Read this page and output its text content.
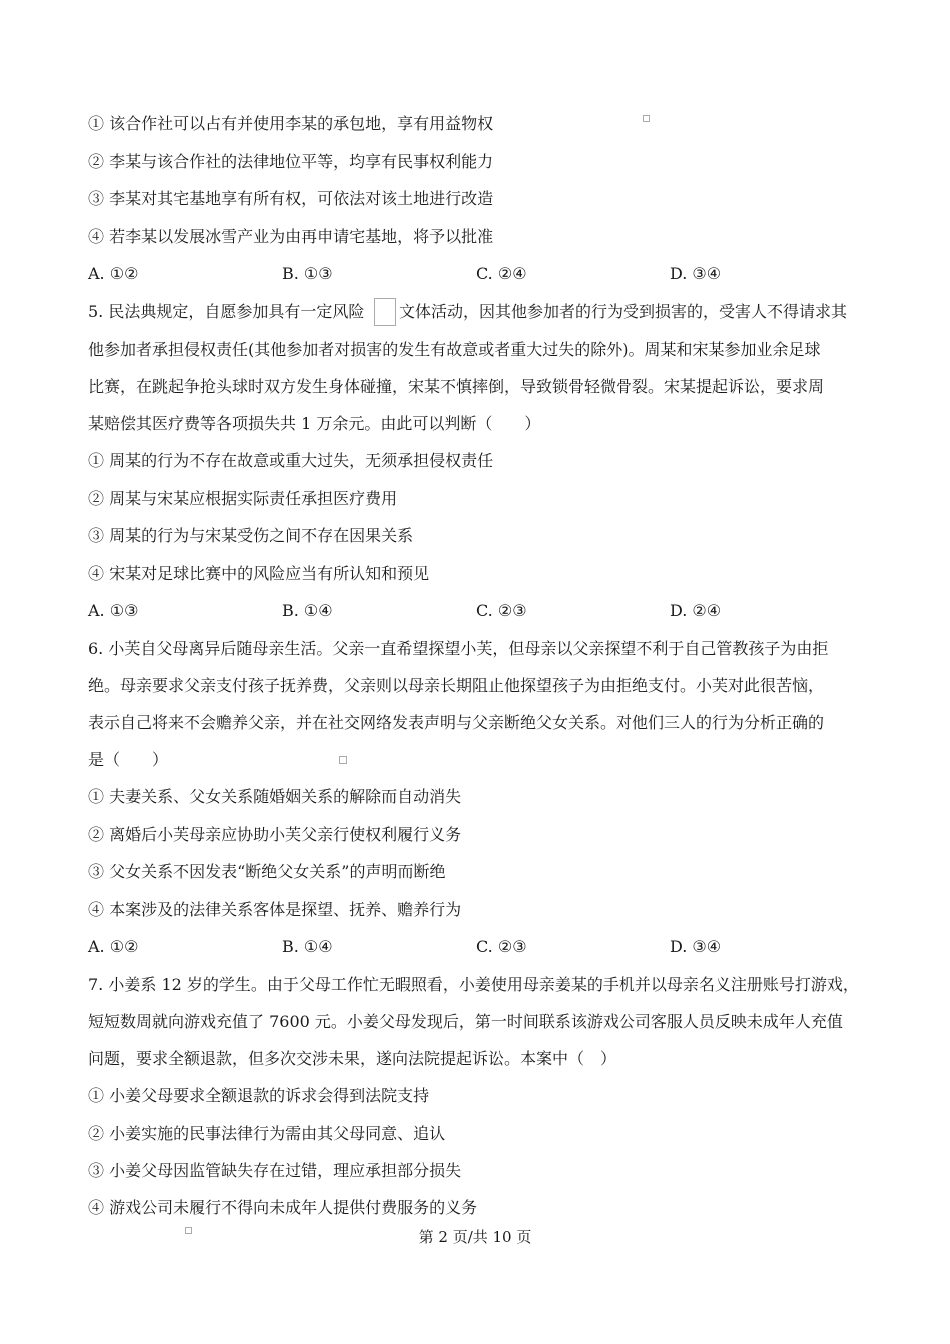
① 该合作社可以占有并使用李某的承包地，享有用益物权
② 李某与该合作社的法律地位平等，均享有民事权利能力
③ 李某对其宅基地享有所有权，可依法对该土地进行改造
④ 若李某以发展冰雪产业为由再申请宅基地，将予以批准
A. ①②	B. ①③	C. ②④	D. ③④
5. 民法典规定，自愿参加具有一定风险 文体活动，因其他参加者的行为受到损害的，受害人不得请求其
他参加者承担侵权责任(其他参加者对损害的发生有故意或者重大过失的除外)。周某和宋某参加业余足球
比赛，在跳起争抢头球时双方发生身体碰撞，宋某不慎摔倒，导致锁骨轻微骨裂。宋某提起诉讼，要求周
某赔偿其医疗费等各项损失共 1 万余元。由此可以判断（　　）
① 周某的行为不存在故意或重大过失，无须承担侵权责任
② 周某与宋某应根据实际责任承担医疗费用
③ 周某的行为与宋某受伤之间不存在因果关系
④ 宋某对足球比赛中的风险应当有所认知和预见
A. ①③	B. ①④	C. ②③	D. ②④
6. 小芙自父母离异后随母亲生活。父亲一直希望探望小芙，但母亲以父亲探望不利于自己管教孩子为由拒
绝。母亲要求父亲支付孩子抚养费，父亲则以母亲长期阻止他探望孩子为由拒绝支付。小芙对此很苦恼，
表示自己将来不会赡养父亲，并在社交网络发表声明与父亲断绝父女关系。对他们三人的行为分析正确的
是（　　）
① 夫妻关系、父女关系随婚姻关系的解除而自动消失
② 离婚后小芙母亲应协助小芙父亲行使权利履行义务
③ 父女关系不因发表“断绝父女关系”的声明而断绝
④ 本案涉及的法律关系客体是探望、抚养、赡养行为
A. ①②	B. ①④	C. ②③	D. ③④
7. 小姜系 12 岁的学生。由于父母工作忙无暇照看，小姜使用母亲姜某的手机并以母亲名义注册账号打游戏，
短短数周就向游戏充值了 7600 元。小姜父母发现后，第一时间联系该游戏公司客服人员反映未成年人充值
问题，要求全额退款，但多次交涉未果，遂向法院提起诉讼。本案中（　）
① 小姜父母要求全额退款的诉求会得到法院支持
② 小姜实施的民事法律行为需由其父母同意、追认
③ 小姜父母因监管缺失存在过错，理应承担部分损失
④ 游戏公司未履行不得向未成年人提供付费服务的义务
第 2 页/共 10 页
